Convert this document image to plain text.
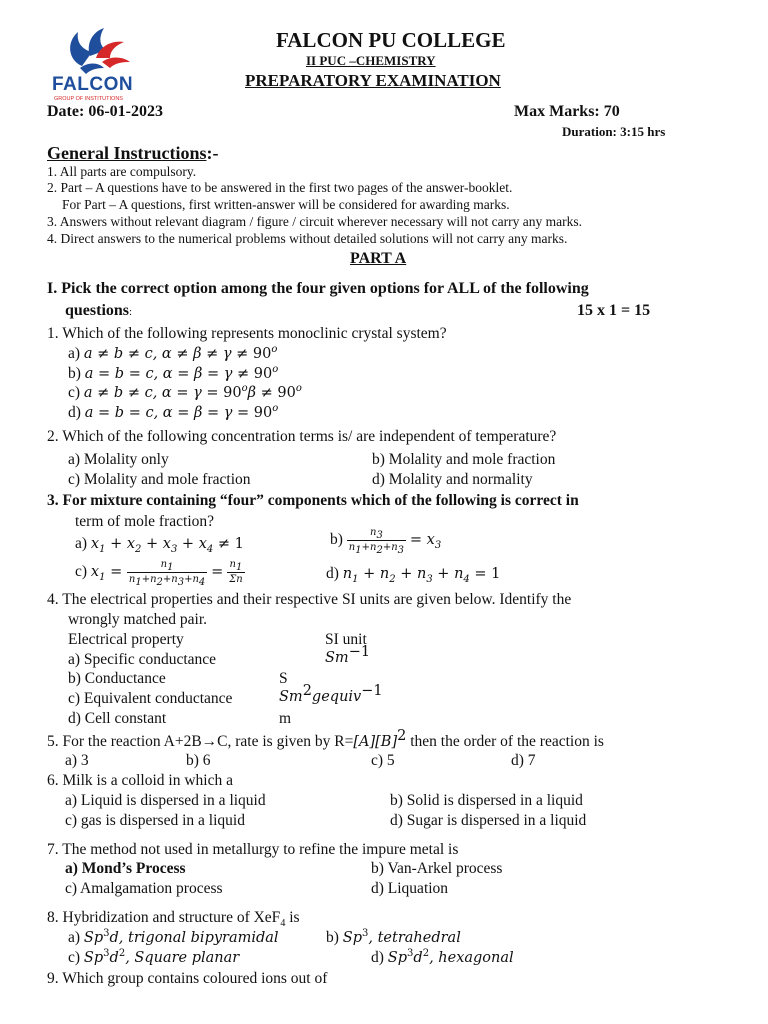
FALCON
GROUP OF INSTITUTIONS
FALCON PU COLLEGE
II PUC –CHEMISTRY
PREPARATORY EXAMINATION
Date: 06-01-2023	Max Marks: 70
Duration: 3:15 hrs
General Instructions:-
1. All parts are compulsory.
2. Part – A questions have to be answered in the first two pages of the answer-booklet.
For Part – A questions, first written-answer will be considered for awarding marks.
3. Answers without relevant diagram / figure / circuit wherever necessary will not carry any marks.
4. Direct answers to the numerical problems without detailed solutions will not carry any marks.
PART A
I. Pick the correct option among the four given options for ALL of the following
questions:	15 x 1 = 15
1. Which of the following represents monoclinic crystal system?
a) a ≠ b ≠ c, $\alpha \ne \beta \ne \gamma \ne 90^o$
b) a = b = c, $\alpha = \beta = \gamma \ne 90^o$
c) a ≠ b ≠ c, $\alpha = \gamma = 90^o\beta \ne 90^o$
d) a = b = c, $\alpha = \beta = \gamma = 90^o$
2. Which of the following concentration terms is/ are independent of temperature?
a) Molality only	b) Molality and mole fraction
c) Molality and mole fraction	d) Molality and normality
3. For mixture containing “four” components which of the following is correct in
term of mole fraction?
a) $x_1 + x_2 + x_3 + x_4 \ne 1$	$b) \frac{n_3}{n_1+n_2+n_3} = x_3$
c) $x_1 = \frac{n_1}{n_1+n_2+n_3+n_4} = \frac{n_1}{\Sigma n}$	d) $n_1 + n_2 + n_3 + n_4 = 1$
4. The electrical properties and their respective SI units are given below. Identify the
wrongly matched pair.
Electrical property	SI unit
a) Specific conductance	$Sm^{-1}$
b) Conductance	S
c) Equivalent conductance	Sm$^2$gequiv$^{-1}$
d) Cell constant	m
5. For the reaction A+2B→C, rate is given by $R=[A][B]^2$ then the order of the reaction is
a) 3	b) 6	c) 5	d) 7
6. Milk is a colloid in which a
a) Liquid is dispersed in a liquid	b) Solid is dispersed in a liquid
c) gas is dispersed in a liquid	d) Sugar is dispersed in a liquid
7. The method not used in metallurgy to refine the impure metal is
a) Mond’s Process	b) Van-Arkel process
c) Amalgamation process	d) Liquation
8. Hybridization and structure of XeF$_4$ is
a) Sp$^3$d, trigonal bipyramidal	b) Sp$^3$, tetrahedral
c) $Sp^3d^2$, Square planar	d) $Sp^3d^2$, hexagonal
9. Which group contains coloured ions out of
